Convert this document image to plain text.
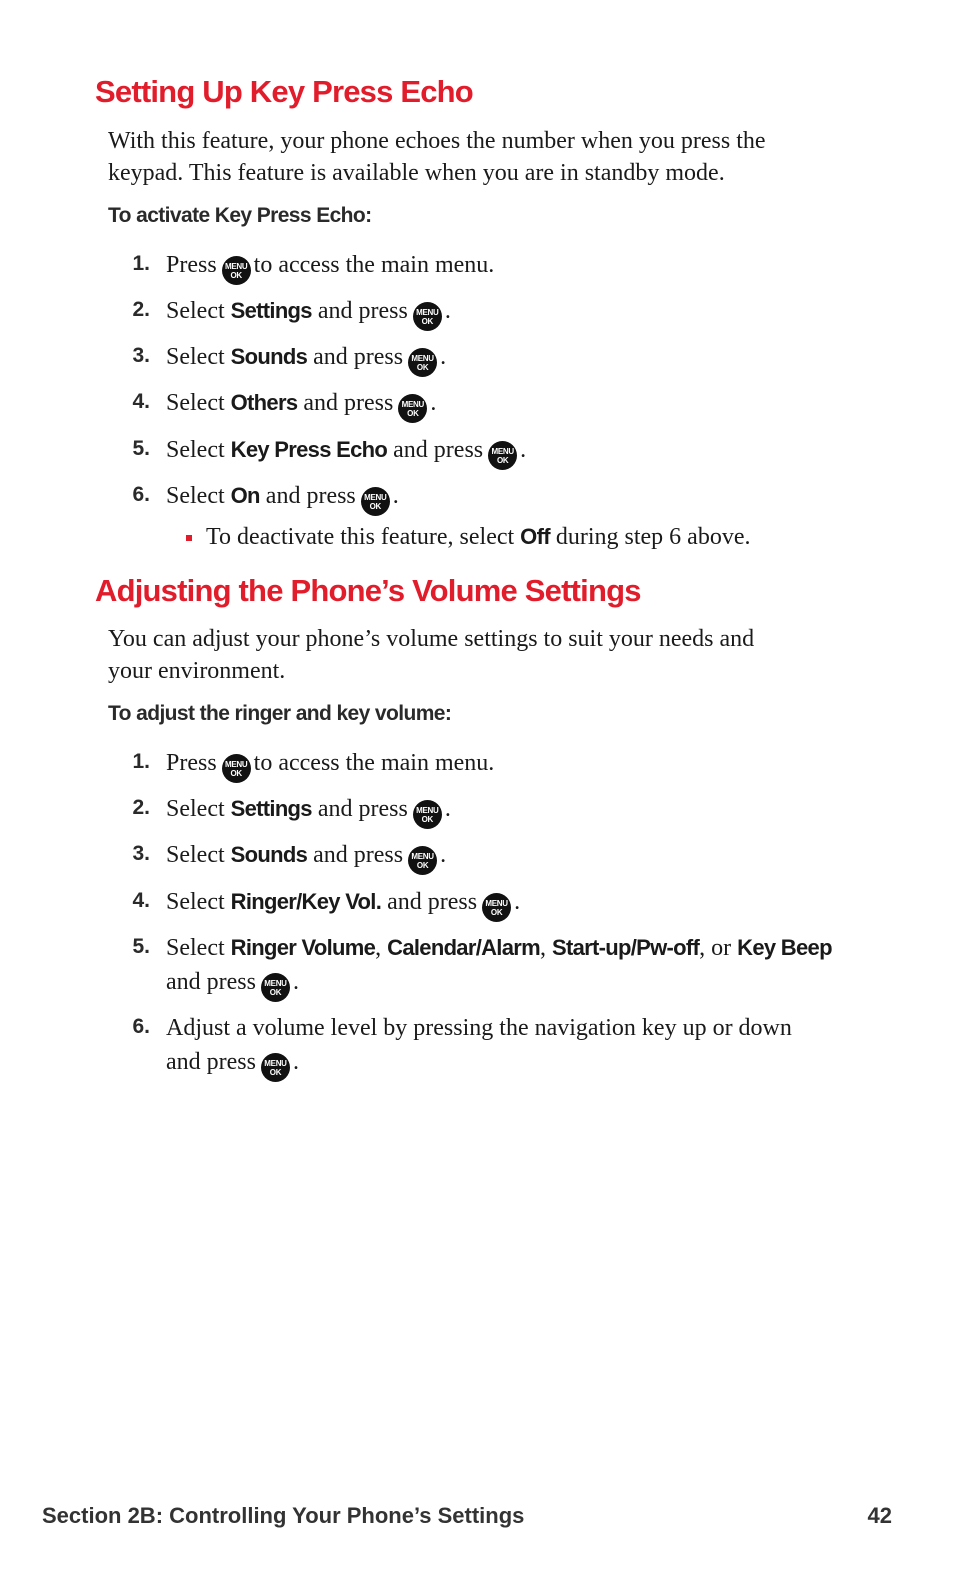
Setting Up Key Press Echo

With this feature, your phone echoes the number when you press the
keypad. This feature is available when you are in standby mode.

To activate Key Press Echo:

1. Press	MENU
OK to access the main menu.
2. Select Settings and press	MENU
OK .
3. Select Sounds and press	MENU
OK .
4. Select Others and press	MENU
OK .
5. Select Key Press Echo and press	MENU
OK .
6. Select On and press	MENU
OK .
To deactivate this feature, select Off during step 6 above.
Adjusting the Phone’s Volume Settings

You can adjust your phone’s volume settings to suit your needs and
your environment.

To adjust the ringer and key volume:

1. Press	MENU
OK to access the main menu.
2. Select Settings and press	MENU
OK .
3. Select Sounds and press	MENU
OK .
4. Select Ringer/Key Vol. and press	MENU
OK .
5. Select Ringer Volume, Calendar/Alarm, Start-up/Pw-off, or Key Beep
and press	MENU
OK .
6. Adjust a volume level by pressing the navigation key up or down
and press	MENU
OK .
Section 2B: Controlling Your Phone’s Settings	42
